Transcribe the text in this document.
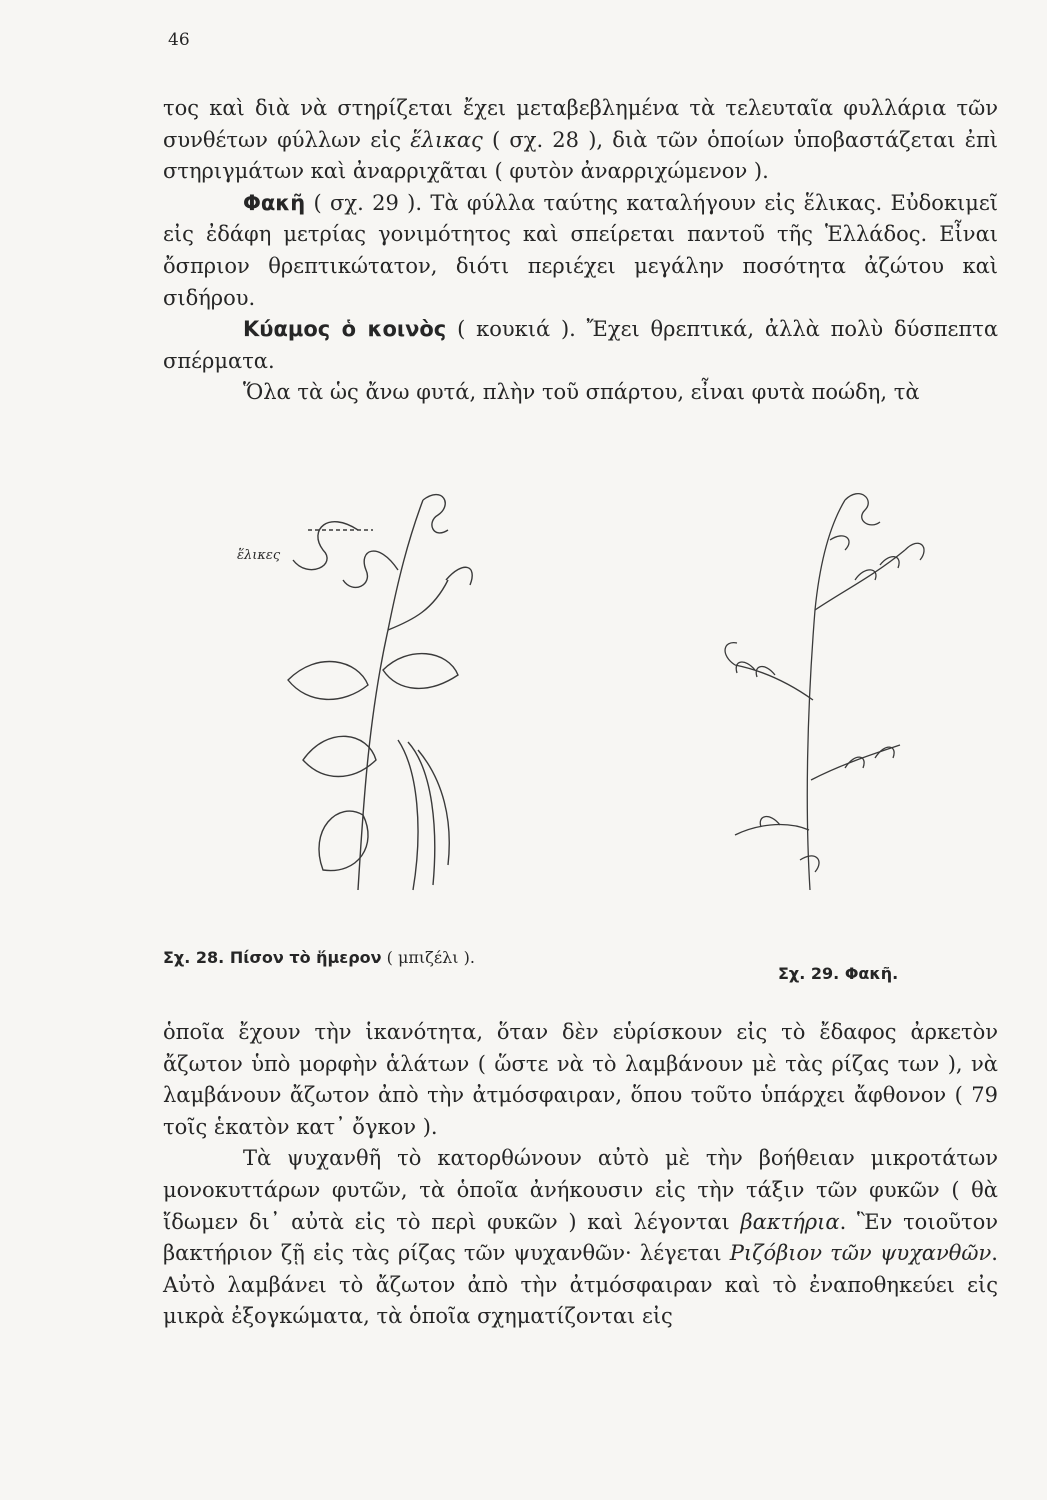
46

τος καὶ διὰ νὰ στηρίζεται ἔχει μεταβεβλημένα τὰ τελευταῖα φυλλάρια τῶν συνθέτων φύλλων εἰς ἕλικας ( σχ. 28 ), διὰ τῶν ὁποίων ὑποβαστάζεται ἐπὶ στηριγμάτων καὶ ἀναρριχᾶται ( φυτὸν ἀναρριχώμενον ).

Φακῆ ( σχ. 29 ). Τὰ φύλλα ταύτης καταλήγουν εἰς ἕλικας. Εὐδοκιμεῖ εἰς ἐδάφη μετρίας γονιμότητος καὶ σπείρεται παντοῦ τῆς Ἑλλάδος. Εἶναι ὄσπριον θρεπτικώτατον, διότι περιέχει μεγάλην ποσότητα ἀζώτου καὶ σιδήρου.

Κύαμος ὁ κοινὸς ( κουκιά ). Ἔχει θρεπτικά, ἀλλὰ πολὺ δύσπεπτα σπέρματα.

Ὅλα τὰ ὡς ἄνω φυτά, πλὴν τοῦ σπάρτου, εἶναι φυτὰ ποώδη, τὰ

ἕλικες
Σχ. 28. Πίσον τὸ ἥμερον ( μπιζέλι ).
Σχ. 29. Φακῆ.

ὁποῖα ἔχουν τὴν ἱκανότητα, ὅταν δὲν εὑρίσκουν εἰς τὸ ἔδαφος ἀρκετὸν ἄζωτον ὑπὸ μορφὴν ἁλάτων ( ὥστε νὰ τὸ λαμβάνουν μὲ τὰς ρίζας των ), νὰ λαμβάνουν ἄζωτον ἀπὸ τὴν ἀτμόσφαιραν, ὅπου τοῦτο ὑπάρχει ἄφθονον ( 79 τοῖς ἑκατὸν κατ᾽ ὄγκον ).

Τὰ ψυχανθῆ τὸ κατορθώνουν αὐτὸ μὲ τὴν βοήθειαν μικροτάτων μονοκυττάρων φυτῶν, τὰ ὁποῖα ἀνήκουσιν εἰς τὴν τάξιν τῶν φυκῶν ( θὰ ἴδωμεν δι᾽ αὐτὰ εἰς τὸ περὶ φυκῶν ) καὶ λέγονται βακτήρια. Ἓν τοιοῦτον βακτήριον ζῇ εἰς τὰς ρίζας τῶν ψυχανθῶν· λέγεται Ριζόβιον τῶν ψυχανθῶν. Αὐτὸ λαμβάνει τὸ ἄζωτον ἀπὸ τὴν ἀτμόσφαιραν καὶ τὸ ἐναποθηκεύει εἰς μικρὰ ἐξογκώματα, τὰ ὁποῖα σχηματίζονται εἰς
